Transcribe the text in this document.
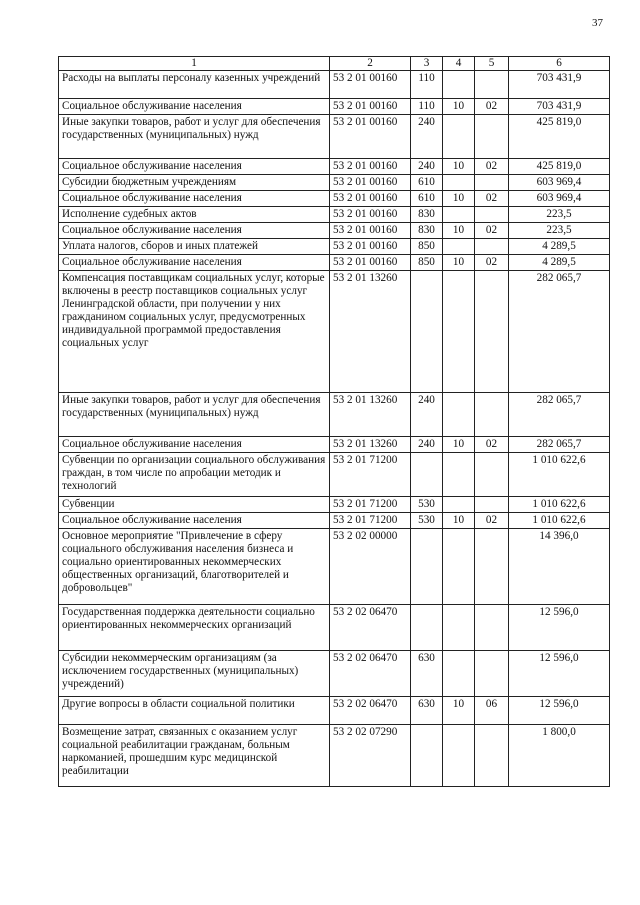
37
1	2	3	4	5	6
Расходы на выплаты персоналу казенных учреждений	53 2 01 00160	110			703 431,9
Социальное обслуживание населения	53 2 01 00160	110	10	02	703 431,9
Иные закупки товаров, работ и услуг для обеспечения государственных (муниципальных) нужд	53 2 01 00160	240			425 819,0
Социальное обслуживание населения	53 2 01 00160	240	10	02	425 819,0
Субсидии бюджетным учреждениям	53 2 01 00160	610			603 969,4
Социальное обслуживание населения	53 2 01 00160	610	10	02	603 969,4
Исполнение судебных актов	53 2 01 00160	830			223,5
Социальное обслуживание населения	53 2 01 00160	830	10	02	223,5
Уплата налогов, сборов и иных платежей	53 2 01 00160	850			4 289,5
Социальное обслуживание населения	53 2 01 00160	850	10	02	4 289,5
Компенсация поставщикам социальных услуг, которые включены в реестр поставщиков социальных услуг Ленинградской области, при получении у них гражданином социальных услуг, предусмотренных индивидуальной программой предоставления социальных услуг	53 2 01 13260				282 065,7
Иные закупки товаров, работ и услуг для обеспечения государственных (муниципальных) нужд	53 2 01 13260	240			282 065,7
Социальное обслуживание населения	53 2 01 13260	240	10	02	282 065,7
Субвенции по организации социального обслуживания граждан, в том числе по апробации методик и технологий	53 2 01 71200				1 010 622,6
Субвенции	53 2 01 71200	530			1 010 622,6
Социальное обслуживание населения	53 2 01 71200	530	10	02	1 010 622,6
Основное мероприятие "Привлечение в сферу социального обслуживания населения бизнеса и социально ориентированных некоммерческих общественных организаций, благотворителей и добровольцев"	53 2 02 00000				14 396,0
Государственная поддержка деятельности социально ориентированных некоммерческих организаций	53 2 02 06470				12 596,0
Субсидии некоммерческим организациям (за исключением государственных (муниципальных) учреждений)	53 2 02 06470	630			12 596,0
Другие вопросы в области социальной политики	53 2 02 06470	630	10	06	12 596,0
Возмещение затрат, связанных с оказанием услуг социальной реабилитации гражданам, больным наркоманией, прошедшим курс медицинской реабилитации	53 2 02 07290				1 800,0
